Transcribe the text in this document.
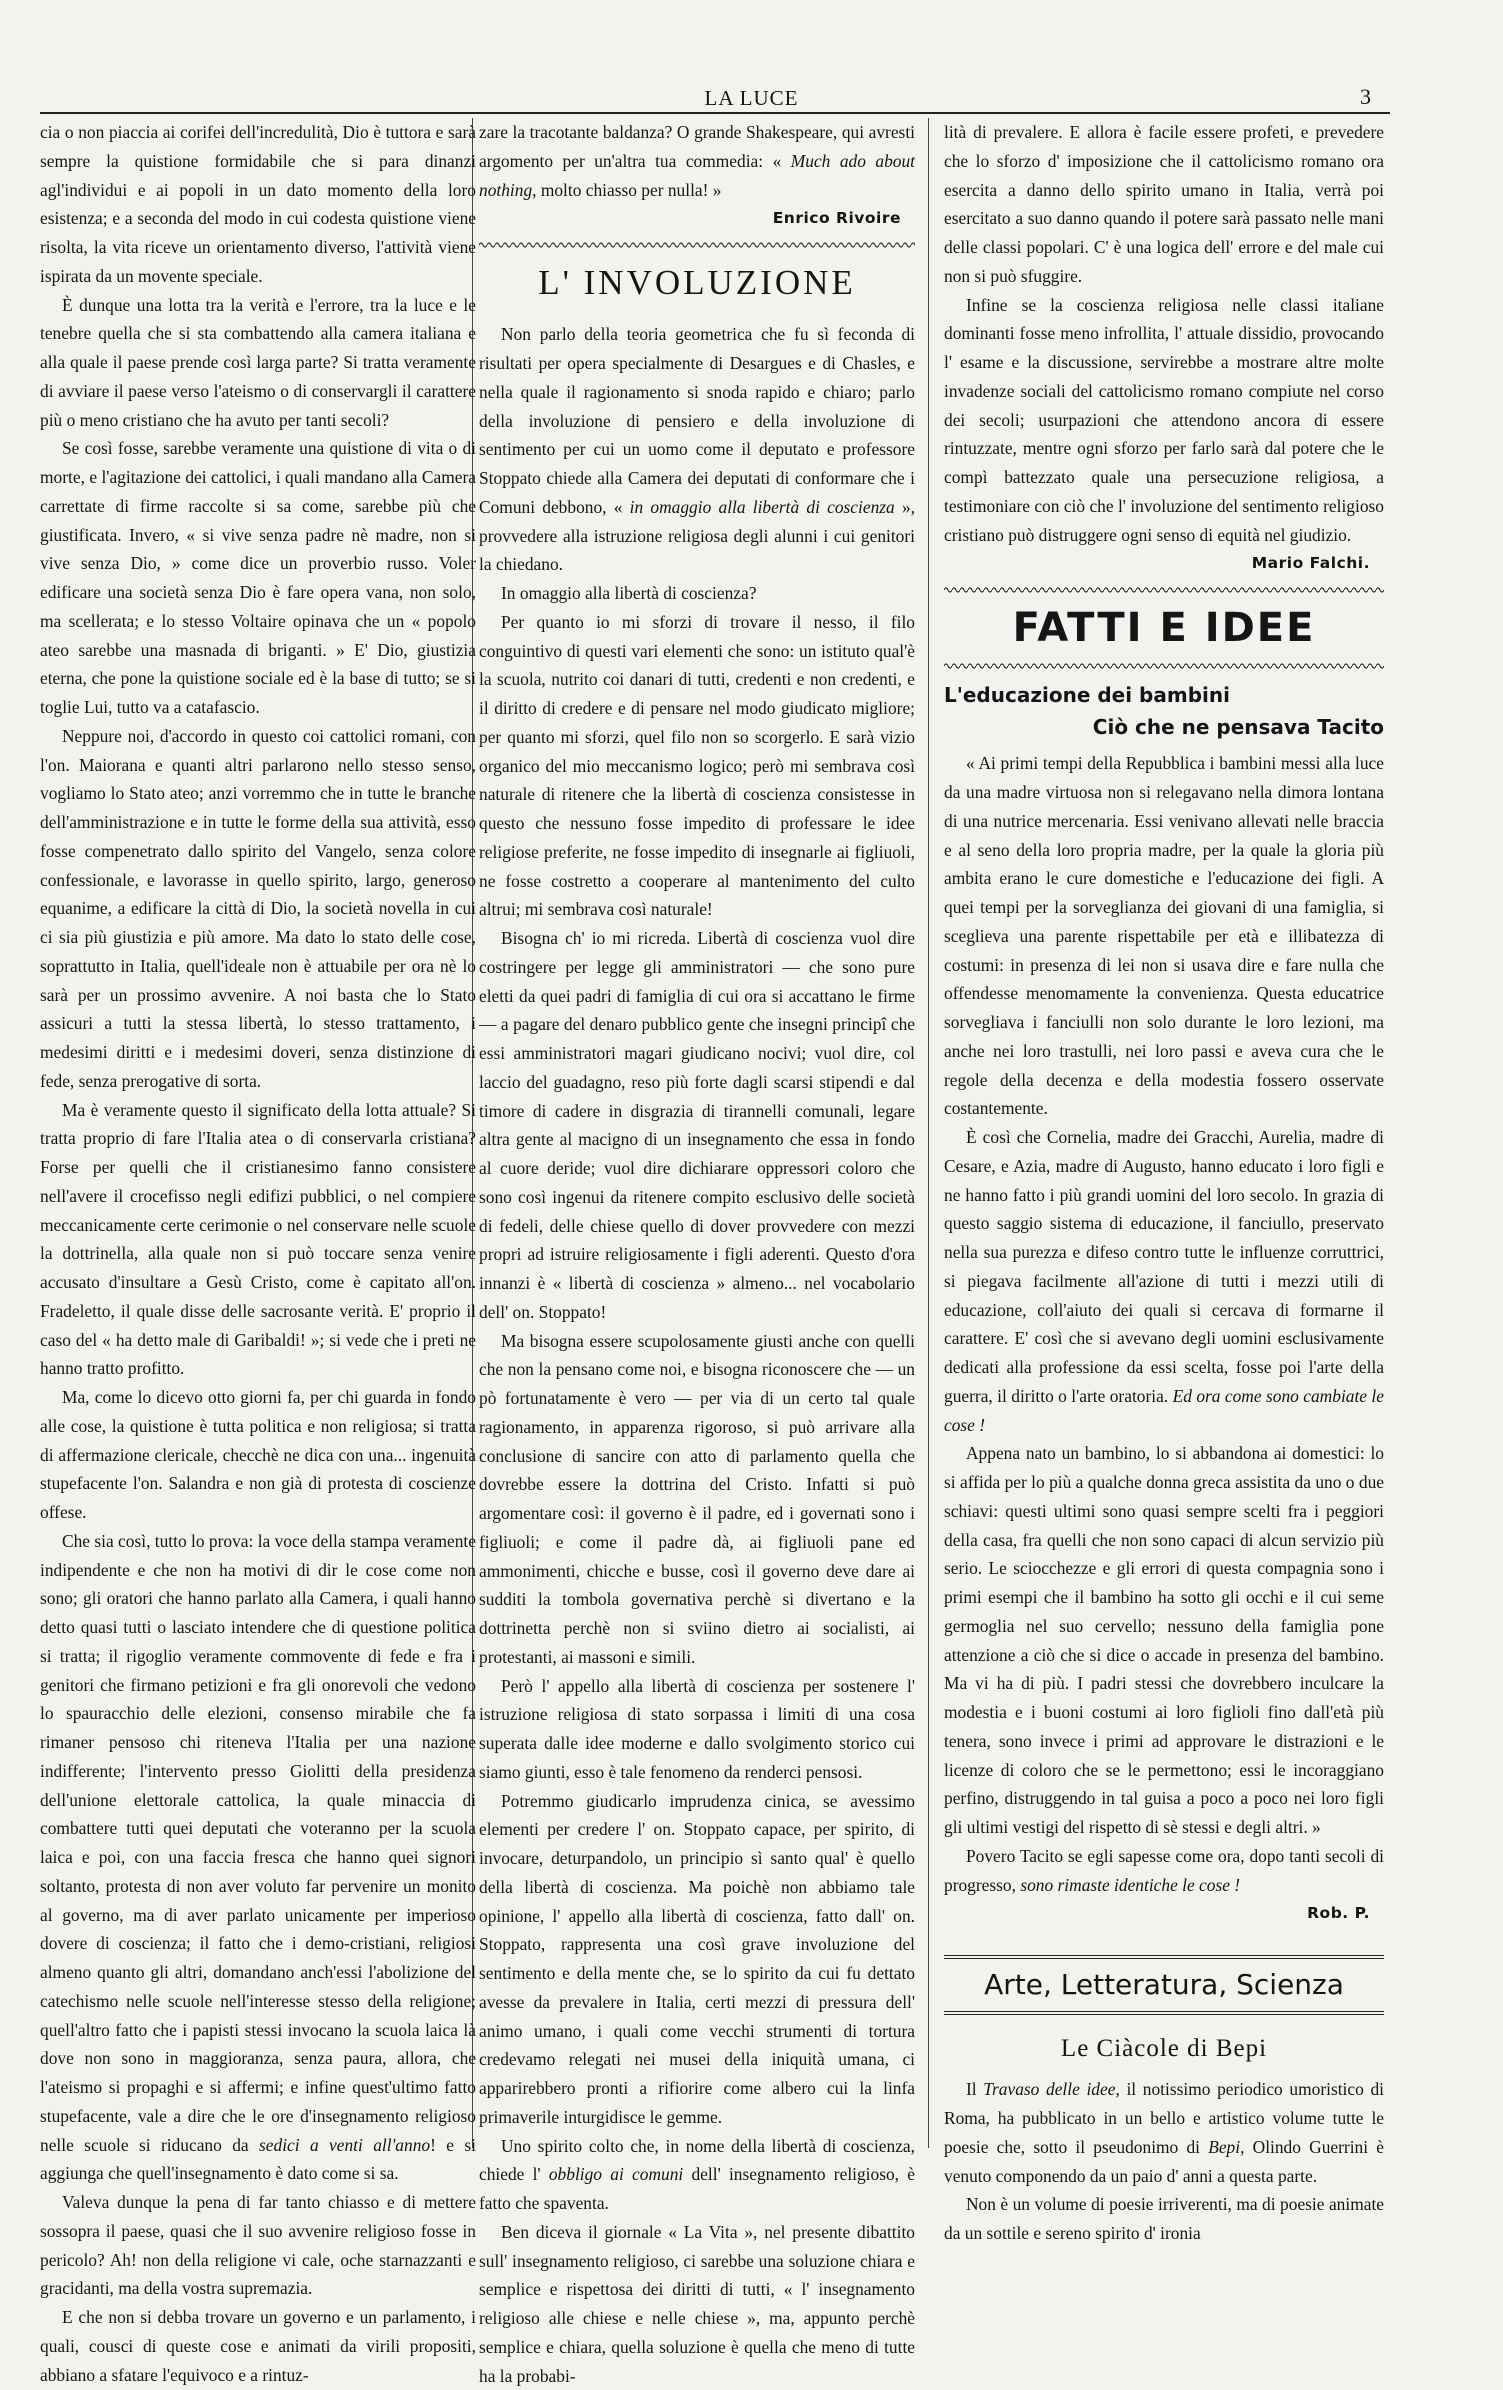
LA LUCE	3

cia o non piaccia ai corifei dell'incredulità, Dio è tuttora e sarà sempre la quistione formidabile che si para dinanzi agl'individui e ai popoli in un dato momento della loro esistenza; e a seconda del modo in cui codesta quistione viene risolta, la vita riceve un orientamento diverso, l'attività viene ispirata da un movente speciale.

È dunque una lotta tra la verità e l'errore, tra la luce e le tenebre quella che si sta combattendo alla camera italiana e alla quale il paese prende così larga parte? Si tratta veramente di avviare il paese verso l'ateismo o di conservargli il carattere più o meno cristiano che ha avuto per tanti secoli?

Se così fosse, sarebbe veramente una quistione di vita o di morte, e l'agitazione dei cattolici, i quali mandano alla Camera carrettate di firme raccolte si sa come, sarebbe più che giustificata. Invero, « si vive senza padre nè madre, non si vive senza Dio, » come dice un proverbio russo. Voler edificare una società senza Dio è fare opera vana, non solo, ma scellerata; e lo stesso Voltaire opinava che un « popolo ateo sarebbe una masnada di briganti. » E' Dio, giustizia eterna, che pone la quistione sociale ed è la base di tutto; se si toglie Lui, tutto va a catafascio.

Neppure noi, d'accordo in questo coi cattolici romani, con l'on. Maiorana e quanti altri parlarono nello stesso senso, vogliamo lo Stato ateo; anzi vorremmo che in tutte le branche dell'amministrazione e in tutte le forme della sua attività, esso fosse compenetrato dallo spirito del Vangelo, senza colore confessionale, e lavorasse in quello spirito, largo, generoso equanime, a edificare la città di Dio, la società novella in cui ci sia più giustizia e più amore. Ma dato lo stato delle cose, soprattutto in Italia, quell'ideale non è attuabile per ora nè lo sarà per un prossimo avvenire. A noi basta che lo Stato assicuri a tutti la stessa libertà, lo stesso trattamento, i medesimi diritti e i medesimi doveri, senza distinzione di fede, senza prerogative di sorta.

Ma è veramente questo il significato della lotta attuale? Si tratta proprio di fare l'Italia atea o di conservarla cristiana? Forse per quelli che il cristianesimo fanno consistere nell'avere il crocefisso negli edifizi pubblici, o nel compiere meccanicamente certe cerimonie o nel conservare nelle scuole la dottrinella, alla quale non si può toccare senza venire accusato d'insultare a Gesù Cristo, come è capitato all'on. Fradeletto, il quale disse delle sacrosante verità. E' proprio il caso del « ha detto male di Garibaldi! »; si vede che i preti ne hanno tratto profitto.

Ma, come lo dicevo otto giorni fa, per chi guarda in fondo alle cose, la quistione è tutta politica e non religiosa; si tratta di affermazione clericale, checchè ne dica con una... ingenuità stupefacente l'on. Salandra e non già di protesta di coscienze offese.

Che sia così, tutto lo prova: la voce della stampa veramente indipendente e che non ha motivi di dir le cose come non sono; gli oratori che hanno parlato alla Camera, i quali hanno detto quasi tutti o lasciato intendere che di questione politica si tratta; il rigoglio veramente commovente di fede e fra i genitori che firmano petizioni e fra gli onorevoli che vedono lo spauracchio delle elezioni, consenso mirabile che fa rimaner pensoso chi riteneva l'Italia per una nazione indifferente; l'intervento presso Giolitti della presidenza dell'unione elettorale cattolica, la quale minaccia di combattere tutti quei deputati che voteranno per la scuola laica e poi, con una faccia fresca che hanno quei signori soltanto, protesta di non aver voluto far pervenire un monito al governo, ma di aver parlato unicamente per imperioso dovere di coscienza; il fatto che i demo-cristiani, religiosi almeno quanto gli altri, domandano anch'essi l'abolizione del catechismo nelle scuole nell'interesse stesso della religione; quell'altro fatto che i papisti stessi invocano la scuola laica là dove non sono in maggioranza, senza paura, allora, che l'ateismo si propaghi e si affermi; e infine quest'ultimo fatto stupefacente, vale a dire che le ore d'insegnamento religioso nelle scuole si riducano da sedici a venti all'anno! e si aggiunga che quell'insegnamento è dato come si sa.

Valeva dunque la pena di far tanto chiasso e di mettere sossopra il paese, quasi che il suo avvenire religioso fosse in pericolo? Ah! non della religione vi cale, oche starnazzanti e gracidanti, ma della vostra supremazia.

E che non si debba trovare un governo e un parlamento, i quali, cousci di queste cose e animati da virili propositi, abbiano a sfatare l'equivoco e a rintuz-

zare la tracotante baldanza? O grande Shakespeare, qui avresti argomento per un'altra tua commedia: « Much ado about nothing, molto chiasso per nulla! »

Enrico Rivoire
L' INVOLUZIONE

Non parlo della teoria geometrica che fu sì feconda di risultati per opera specialmente di Desargues e di Chasles, e nella quale il ragionamento si snoda rapido e chiaro; parlo della involuzione di pensiero e della involuzione di sentimento per cui un uomo come il deputato e professore Stoppato chiede alla Camera dei deputati di conformare che i Comuni debbono, « in omaggio alla libertà di coscienza », provvedere alla istruzione religiosa degli alunni i cui genitori la chiedano.

In omaggio alla libertà di coscienza?

Per quanto io mi sforzi di trovare il nesso, il filo conguintivo di questi vari elementi che sono: un istituto qual'è la scuola, nutrito coi danari di tutti, credenti e non credenti, e il diritto di credere e di pensare nel modo giudicato migliore; per quanto mi sforzi, quel filo non so scorgerlo. E sarà vizio organico del mio meccanismo logico; però mi sembrava così naturale di ritenere che la libertà di coscienza consistesse in questo che nessuno fosse impedito di professare le idee religiose preferite, ne fosse impedito di insegnarle ai figliuoli, ne fosse costretto a cooperare al mantenimento del culto altrui; mi sembrava così naturale!

Bisogna ch' io mi ricreda. Libertà di coscienza vuol dire costringere per legge gli amministratori — che sono pure eletti da quei padri di famiglia di cui ora si accattano le firme — a pagare del denaro pubblico gente che insegni principî che essi amministratori magari giudicano nocivi; vuol dire, col laccio del guadagno, reso più forte dagli scarsi stipendi e dal timore di cadere in disgrazia di tirannelli comunali, legare altra gente al macigno di un insegnamento che essa in fondo al cuore deride; vuol dire dichiarare oppressori coloro che sono così ingenui da ritenere compito esclusivo delle società di fedeli, delle chiese quello di dover provvedere con mezzi propri ad istruire religiosamente i figli aderenti. Questo d'ora innanzi è « libertà di coscienza » almeno... nel vocabolario dell' on. Stoppato!

Ma bisogna essere scupolosamente giusti anche con quelli che non la pensano come noi, e bisogna riconoscere che — un pò fortunatamente è vero — per via di un certo tal quale ragionamento, in apparenza rigoroso, si può arrivare alla conclusione di sancire con atto di parlamento quella che dovrebbe essere la dottrina del Cristo. Infatti si può argomentare così: il governo è il padre, ed i governati sono i figliuoli; e come il padre dà, ai figliuoli pane ed ammonimenti, chicche e busse, così il governo deve dare ai sudditi la tombola governativa perchè si divertano e la dottrinetta perchè non si sviino dietro ai socialisti, ai protestanti, ai massoni e simili.

Però l' appello alla libertà di coscienza per sostenere l' istruzione religiosa di stato sorpassa i limiti di una cosa superata dalle idee moderne e dallo svolgimento storico cui siamo giunti, esso è tale fenomeno da renderci pensosi.

Potremmo giudicarlo imprudenza cinica, se avessimo elementi per credere l' on. Stoppato capace, per spirito, di invocare, deturpandolo, un principio sì santo qual' è quello della libertà di coscienza. Ma poichè non abbiamo tale opinione, l' appello alla libertà di coscienza, fatto dall' on. Stoppato, rappresenta una così grave involuzione del sentimento e della mente che, se lo spirito da cui fu dettato avesse da prevalere in Italia, certi mezzi di pressura dell' animo umano, i quali come vecchi strumenti di tortura credevamo relegati nei musei della iniquità umana, ci apparirebbero pronti a rifiorire come albero cui la linfa primaverile inturgidisce le gemme.

Uno spirito colto che, in nome della libertà di coscienza, chiede l' obbligo ai comuni dell' insegnamento religioso, è fatto che spaventa.

Ben diceva il giornale « La Vita », nel presente dibattito sull' insegnamento religioso, ci sarebbe una soluzione chiara e semplice e rispettosa dei diritti di tutti, « l' insegnamento religioso alle chiese e nelle chiese », ma, appunto perchè semplice e chiara, quella soluzione è quella che meno di tutte ha la probabi-

lità di prevalere. E allora è facile essere profeti, e prevedere che lo sforzo d' imposizione che il cattolicismo romano ora esercita a danno dello spirito umano in Italia, verrà poi esercitato a suo danno quando il potere sarà passato nelle mani delle classi popolari. C' è una logica dell' errore e del male cui non si può sfuggire.

Infine se la coscienza religiosa nelle classi italiane dominanti fosse meno infrollita, l' attuale dissidio, provocando l' esame e la discussione, servirebbe a mostrare altre molte invadenze sociali del cattolicismo romano compiute nel corso dei secoli; usurpazioni che attendono ancora di essere rintuzzate, mentre ogni sforzo per farlo sarà dal potere che le compì battezzato quale una persecuzione religiosa, a testimoniare con ciò che l' involuzione del sentimento religioso cristiano può distruggere ogni senso di equità nel giudizio.

Mario Falchi.
FATTI E IDEE
L'educazione dei bambini
Ciò che ne pensava Tacito

« Ai primi tempi della Repubblica i bambini messi alla luce da una madre virtuosa non si relegavano nella dimora lontana di una nutrice mercenaria. Essi venivano allevati nelle braccia e al seno della loro propria madre, per la quale la gloria più ambita erano le cure domestiche e l'educazione dei figli. A quei tempi per la sorveglianza dei giovani di una famiglia, si sceglieva una parente rispettabile per età e illibatezza di costumi: in presenza di lei non si usava dire e fare nulla che offendesse menomamente la convenienza. Questa educatrice sorvegliava i fanciulli non solo durante le loro lezioni, ma anche nei loro trastulli, nei loro passi e aveva cura che le regole della decenza e della modestia fossero osservate costantemente.

È così che Cornelia, madre dei Gracchi, Aurelia, madre di Cesare, e Azia, madre di Augusto, hanno educato i loro figli e ne hanno fatto i più grandi uomini del loro secolo. In grazia di questo saggio sistema di educazione, il fanciullo, preservato nella sua purezza e difeso contro tutte le influenze corruttrici, si piegava facilmente all'azione di tutti i mezzi utili di educazione, coll'aiuto dei quali si cercava di formarne il carattere. E' così che si avevano degli uomini esclusivamente dedicati alla professione da essi scelta, fosse poi l'arte della guerra, il diritto o l'arte oratoria. Ed ora come sono cambiate le cose !

Appena nato un bambino, lo si abbandona ai domestici: lo si affida per lo più a qualche donna greca assistita da uno o due schiavi: questi ultimi sono quasi sempre scelti fra i peggiori della casa, fra quelli che non sono capaci di alcun servizio più serio. Le sciocchezze e gli errori di questa compagnia sono i primi esempi che il bambino ha sotto gli occhi e il cui seme germoglia nel suo cervello; nessuno della famiglia pone attenzione a ciò che si dice o accade in presenza del bambino. Ma vi ha di più. I padri stessi che dovrebbero inculcare la modestia e i buoni costumi ai loro figlioli fino dall'età più tenera, sono invece i primi ad approvare le distrazioni e le licenze di coloro che se le permettono; essi le incoraggiano perfino, distruggendo in tal guisa a poco a poco nei loro figli gli ultimi vestigi del rispetto di sè stessi e degli altri. »

Povero Tacito se egli sapesse come ora, dopo tanti secoli di progresso, sono rimaste identiche le cose !

Rob. P.
Arte, Letteratura, Scienza
Le Ciàcole di Bepi

Il Travaso delle idee, il notissimo periodico umoristico di Roma, ha pubblicato in un bello e artistico volume tutte le poesie che, sotto il pseudonimo di Bepi, Olindo Guerrini è venuto componendo da un paio d' anni a questa parte.

Non è un volume di poesie irriverenti, ma di poesie animate da un sottile e sereno spirito d' ironia
